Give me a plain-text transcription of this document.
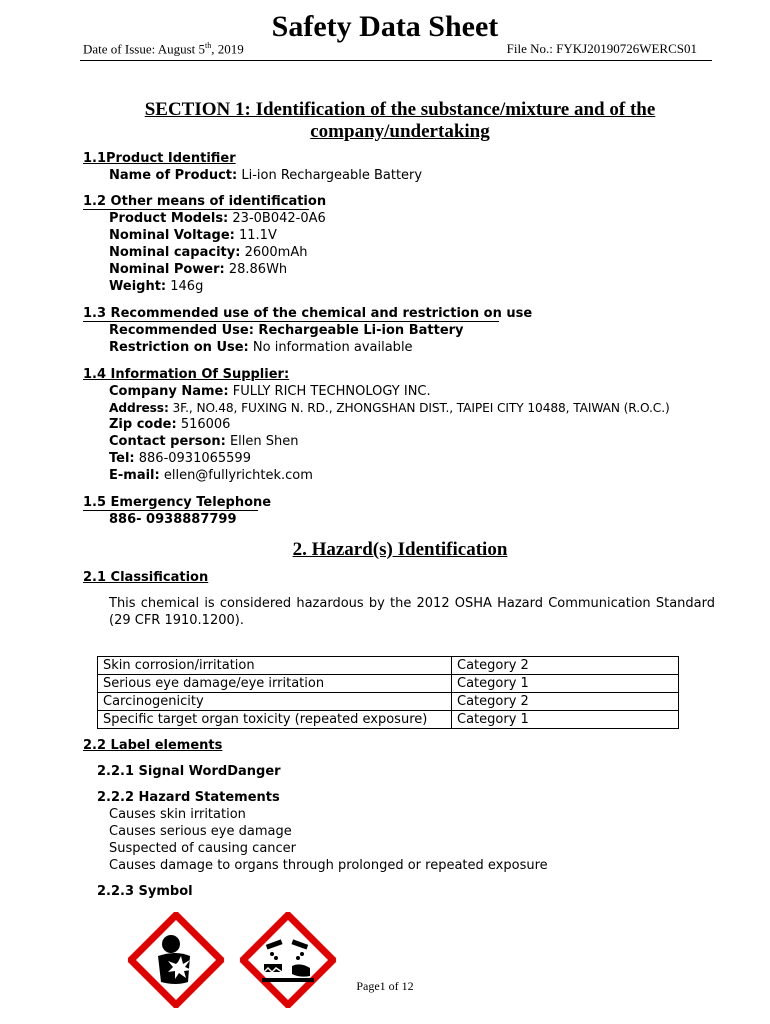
Safety Data Sheet
Date of Issue: August 5th, 2019	File No.: FYKJ20190726WERCS01
SECTION 1: Identification of the substance/mixture and of the
company/undertaking
1.1Product Identifier
Name of Product: Li-ion Rechargeable Battery
1.2 Other means of identification
Product Models: 23-0B042-0A6
Nominal Voltage: 11.1V
Nominal capacity: 2600mAh
Nominal Power: 28.86Wh
Weight: 146g
1.3 Recommended use of the chemical and restriction on use
Recommended Use: Rechargeable Li-ion Battery
Restriction on Use: No information available
1.4 Information Of Supplier:
Company Name: FULLY RICH TECHNOLOGY INC.
Address: 3F., NO.48, FUXING N. RD., ZHONGSHAN DIST., TAIPEI CITY 10488, TAIWAN (R.O.C.)
Zip code: 516006
Contact person: Ellen Shen
Tel: 886-0931065599
E-mail: ellen@fullyrichtek.com
1.5 Emergency Telephone
886- 0938887799
2. Hazard(s) Identification
2.1 Classification
This chemical is considered hazardous by the 2012 OSHA Hazard Communication Standard (29 CFR 1910.1200).
Skin corrosion/irritation	Category 2
Serious eye damage/eye irritation	Category 1
Carcinogenicity	Category 2
Specific target organ toxicity (repeated exposure)	Category 1
2.2 Label elements
2.2.1 Signal WordDanger
2.2.2 Hazard Statements
Causes skin irritation
Causes serious eye damage
Suspected of causing cancer
Causes damage to organs through prolonged or repeated exposure
2.2.3 Symbol
Page1 of 12
